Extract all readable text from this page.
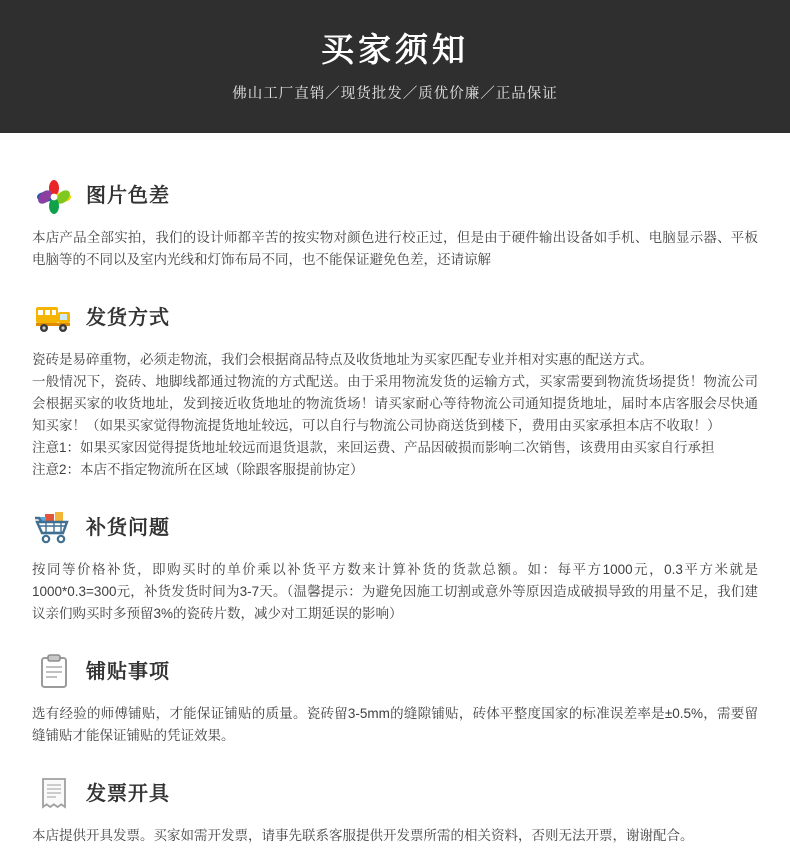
买家须知
佛山工厂直销／现货批发／质优价廉／正品保证
图片色差

本店产品全部实拍，我们的设计师都辛苦的按实物对颜色进行校正过，但是由于硬件输出设备如手机、电脑显示器、平板电脑等的不同以及室内光线和灯饰布局不同，也不能保证避免色差，还请谅解

发货方式

瓷砖是易碎重物，必须走物流，我们会根据商品特点及收货地址为买家匹配专业并相对实惠的配送方式。

一般情况下，瓷砖、地脚线都通过物流的方式配送。由于采用物流发货的运输方式，买家需要到物流货场提货！物流公司会根据买家的收货地址，发到接近收货地址的物流货场！请买家耐心等待物流公司通知提货地址，届时本店客服会尽快通知买家！（如果买家觉得物流提货地址较远，可以自行与物流公司协商送货到楼下，费用由买家承担本店不收取！）

注意1：如果买家因觉得提货地址较远而退货退款，来回运费、产品因破损而影响二次销售，该费用由买家自行承担

注意2：本店不指定物流所在区域（除跟客服提前协定）

补货问题

按同等价格补货，即购买时的单价乘以补货平方数来计算补货的货款总额。如：每平方1000元，0.3平方米就是1000*0.3=300元，补货发货时间为3-7天。（温馨提示：为避免因施工切割或意外等原因造成破损导致的用量不足，我们建议亲们购买时多预留3%的瓷砖片数，减少对工期延误的影响）

铺贴事项

选有经验的师傅铺贴，才能保证铺贴的质量。瓷砖留3-5mm的缝隙铺贴，砖体平整度国家的标准误差率是±0.5%，需要留缝铺贴才能保证铺贴的凭证效果。

发票开具

本店提供开具发票。买家如需开发票，请事先联系客服提供开发票所需的相关资料，否则无法开票，谢谢配合。
